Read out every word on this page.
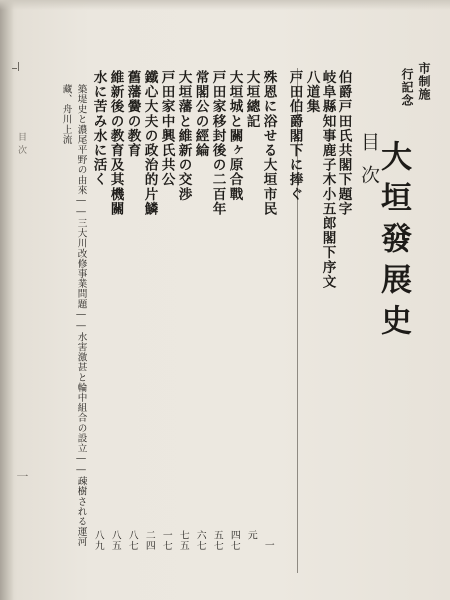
目次
一
市制施
行記念
大垣發展史
目次
伯爵戸田氏共閣下題字
岐阜縣知事鹿子木小五郎閣下序文
八道集
戸田伯爵閣下に捧ぐ
殊恩に浴せる大垣市民
大垣總記
大垣城と關ヶ原合戰
戸田家移封後の二百年
常閣公の經綸
大垣藩と維新の交渉
戸田家中興氏共公
鐵心大夫の政治的片鱗
舊藩黌の教育
維新後の教育及其機關
水に苦み水に活く
築堤史と濃尾平野の由來――三大川改修事業問題――水害激甚と輪中組合の設立――疎樹される運河
藏、舟川上流
一
元
四七
五七
六七
七五
一七
二四
八七
八五
八九
